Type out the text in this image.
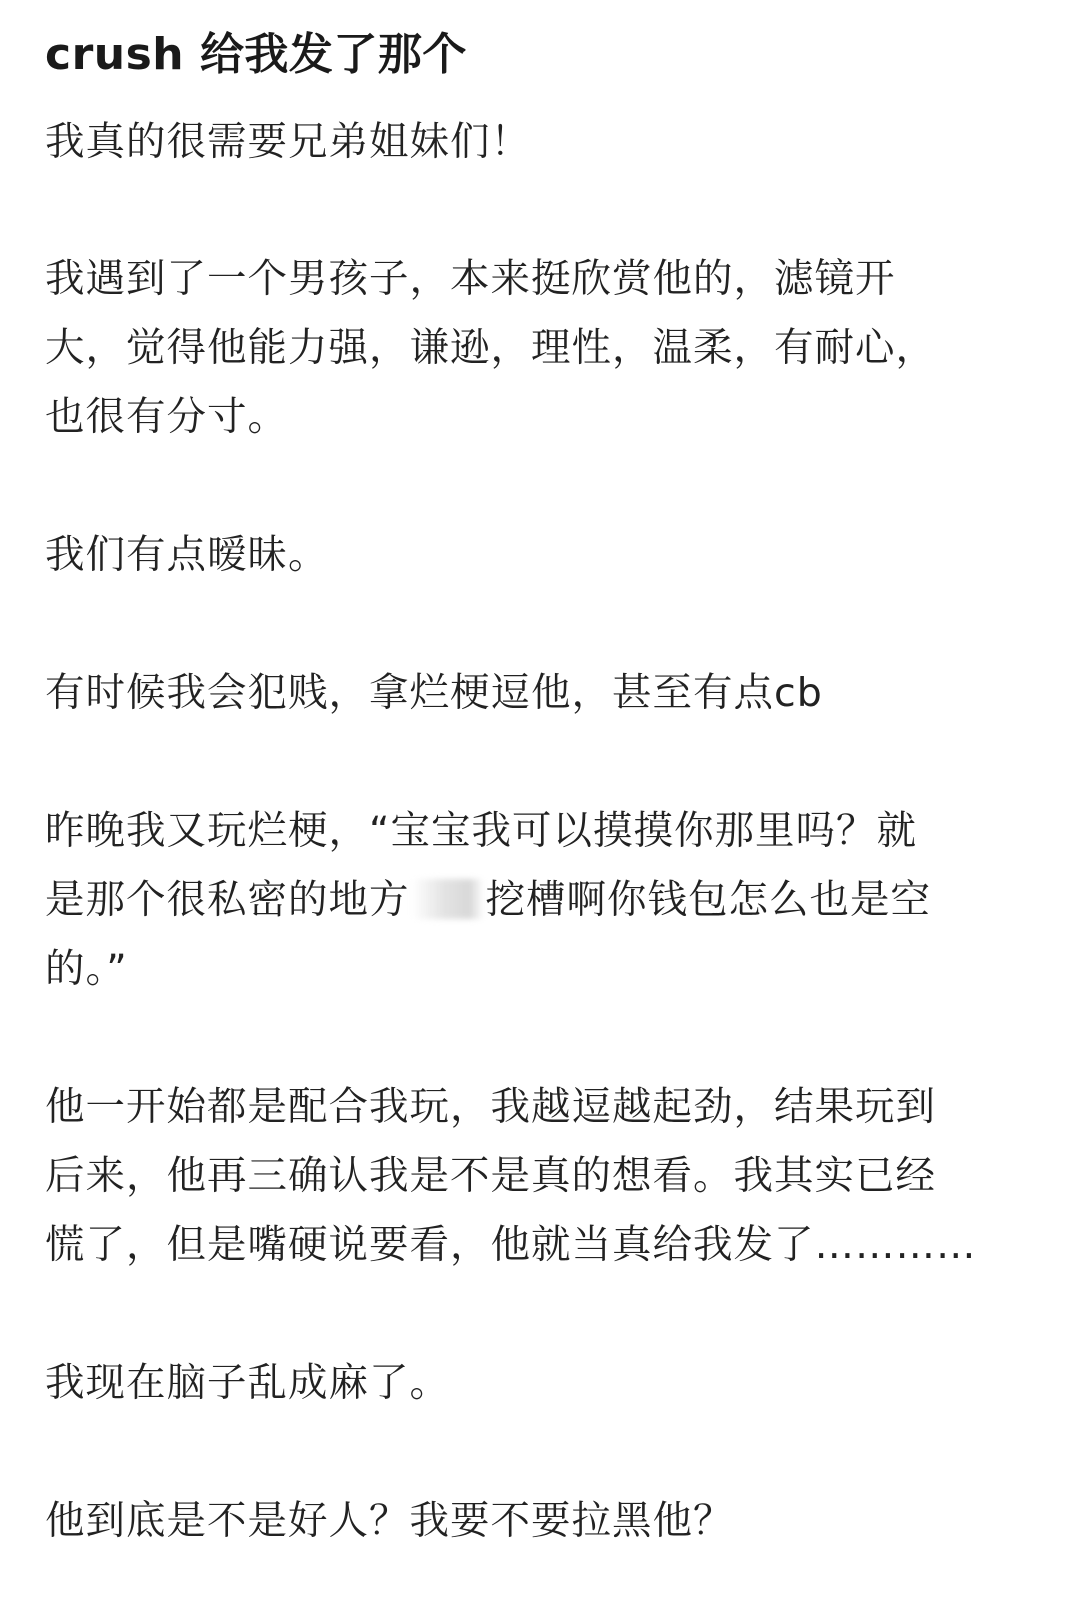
crush 给我发了那个

我真的很需要兄弟姐妹们！

我遇到了一个男孩子，本来挺欣赏他的，滤镜开
大，觉得他能力强，谦逊，理性，温柔，有耐心，
也很有分寸。

我们有点暧昧。

有时候我会犯贱，拿烂梗逗他，甚至有点cb

昨晚我又玩烂梗，“宝宝我可以摸摸你那里吗？就
是那个很私密的地方 挖槽啊你钱包怎么也是空
的。”

他一开始都是配合我玩，我越逗越起劲，结果玩到
后来，他再三确认我是不是真的想看。我其实已经
慌了，但是嘴硬说要看，他就当真给我发了…………

我现在脑子乱成麻了。

他到底是不是好人？我要不要拉黑他？
